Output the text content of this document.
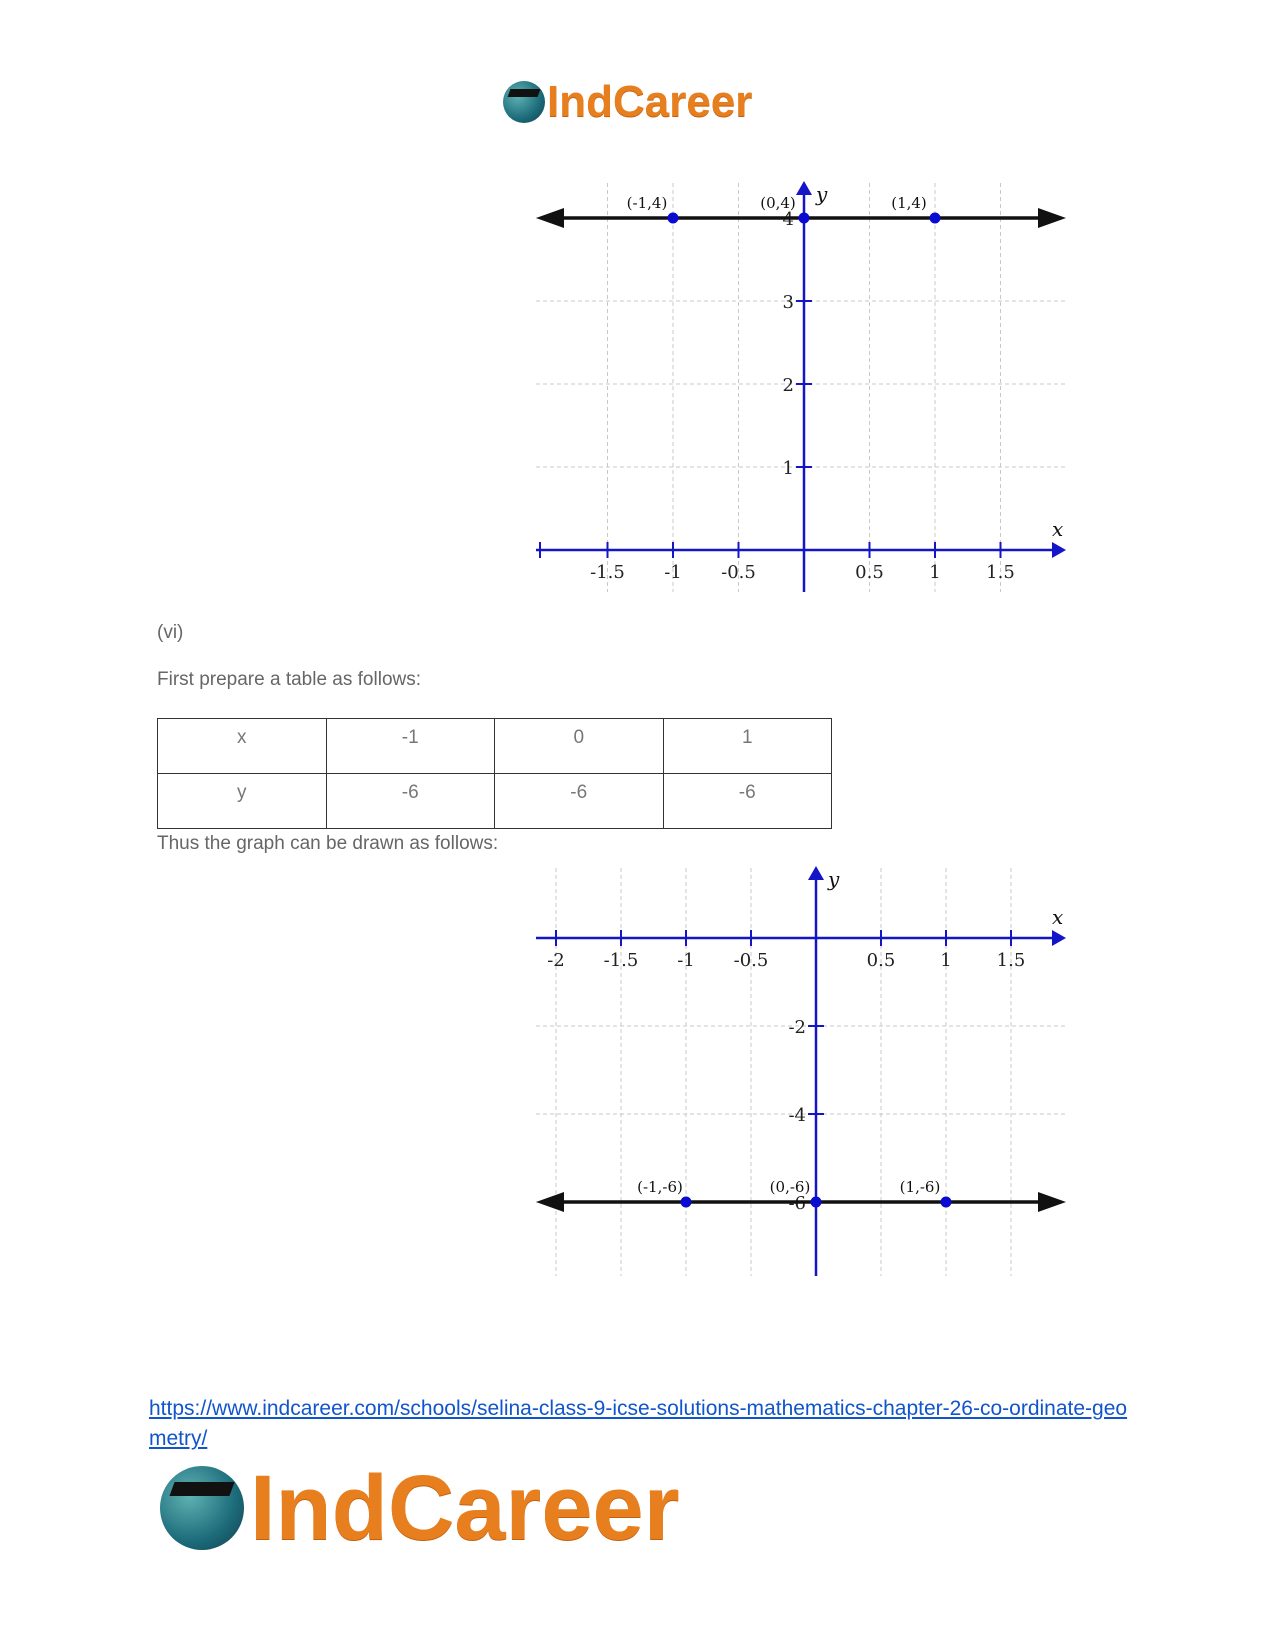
IndCareer
y
x
-1.5 -1 -0.5	0.5	1	1.5
1
2
3
4
(-1,4)	(0,4)	(1,4)
(vi)
First prepare a table as follows:
x	-1	0	1
y	-6	-6	-6
Thus the graph can be drawn as follows:
y
x
-2 -1.5 -1 -0.5	0.5 1 1.5
-2
-4
-6
(-1,-6)	(0,-6)	(1,-6)
https://www.indcareer.com/schools/selina-class-9-icse-solutions-mathematics-chapter-26-co-ordinate-geometry/
IndCareer
